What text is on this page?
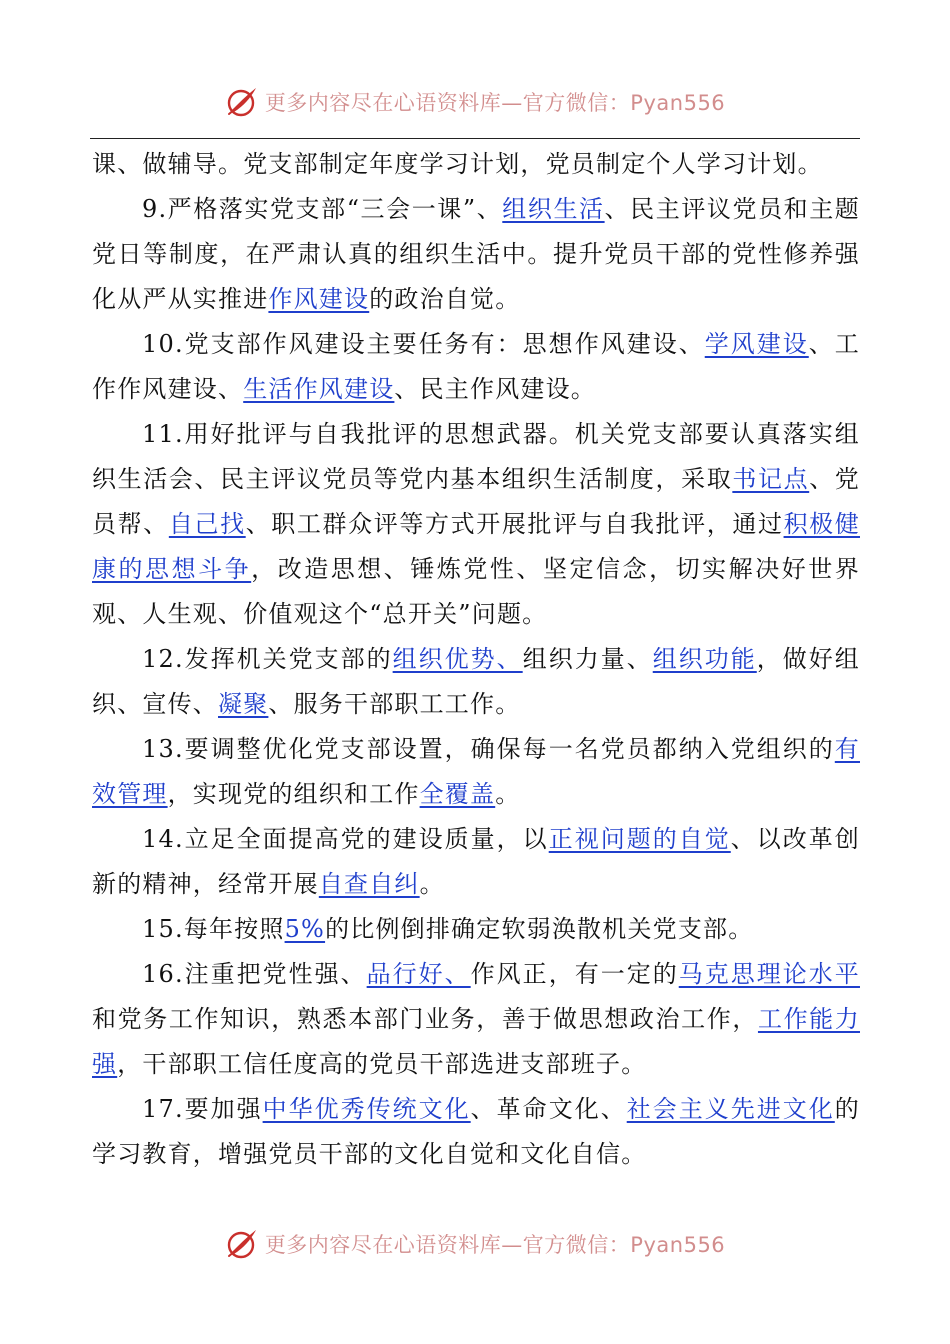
更多内容尽在心语资料库—官方微信：Pyan556

课、做辅导。党支部制定年度学习计划，党员制定个人学习计划。

9.严格落实党支部“三会一课”、组织生活、民主评议党员和主题党日等制度，在严肃认真的组织生活中。提升党员干部的党性修养强化从严从实推进作风建设的政治自觉。

10.党支部作风建设主要任务有：思想作风建设、学风建设、工作作风建设、生活作风建设、民主作风建设。

11.用好批评与自我批评的思想武器。机关党支部要认真落实组织生活会、民主评议党员等党内基本组织生活制度，采取书记点、党员帮、自己找、职工群众评等方式开展批评与自我批评，通过积极健康的思想斗争，改造思想、锤炼党性、坚定信念，切实解决好世界观、人生观、价值观这个“总开关”问题。

12.发挥机关党支部的组织优势、组织力量、组织功能，做好组织、宣传、凝聚、服务干部职工工作。

13.要调整优化党支部设置，确保每一名党员都纳入党组织的有效管理，实现党的组织和工作全覆盖。

14.立足全面提高党的建设质量，以正视问题的自觉、以改革创新的精神，经常开展自查自纠。

15.每年按照5%的比例倒排确定软弱涣散机关党支部。

16.注重把党性强、品行好、作风正，有一定的马克思理论水平和党务工作知识，熟悉本部门业务，善于做思想政治工作，工作能力强，干部职工信任度高的党员干部选进支部班子。

17.要加强中华优秀传统文化、革命文化、社会主义先进文化的学习教育，增强党员干部的文化自觉和文化自信。

更多内容尽在心语资料库—官方微信：Pyan556
